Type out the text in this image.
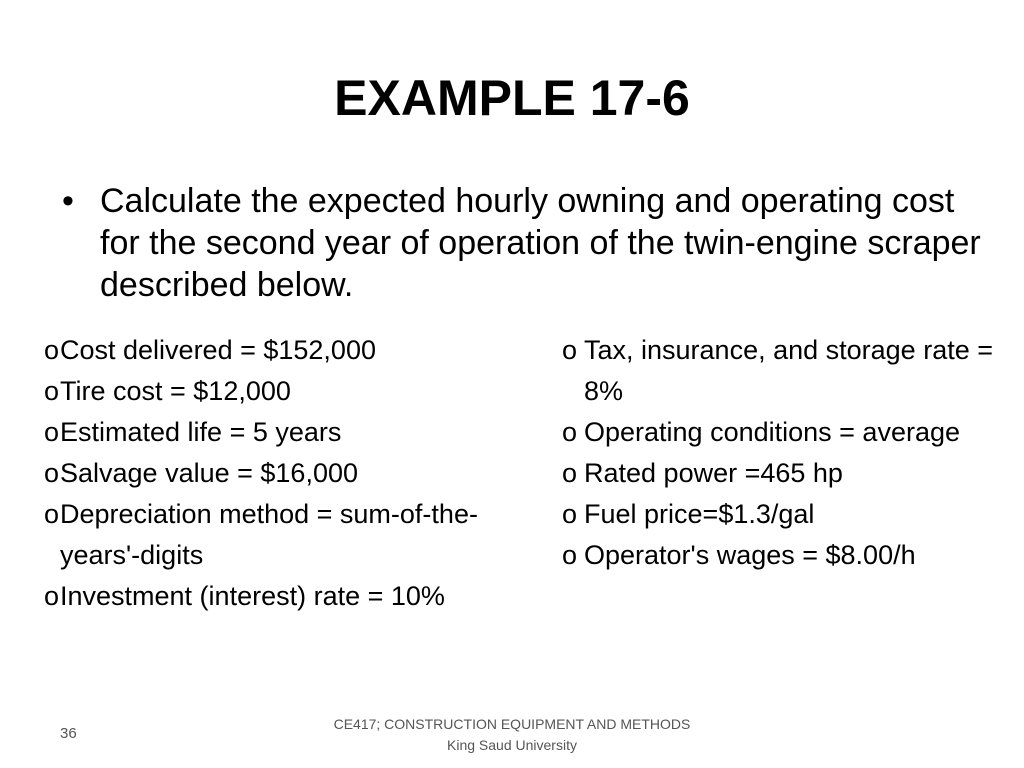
EXAMPLE 17-6
• Calculate the expected hourly owning and operating cost for the second year of operation of the twin-engine scraper described below.
o Cost delivered = $152,000
o Tire cost = $12,000
o Estimated life = 5 years
o Salvage value = $16,000
o Depreciation method = sum-of-the-years'-digits
o Investment (interest) rate = 10%
o Tax, insurance, and storage rate = 8%
o Operating conditions = average
o Rated power =465 hp
o Fuel price=$1.3/gal
o Operator's wages = $8.00/h
36
CE417; CONSTRUCTION EQUIPMENT AND METHODS
King Saud University
